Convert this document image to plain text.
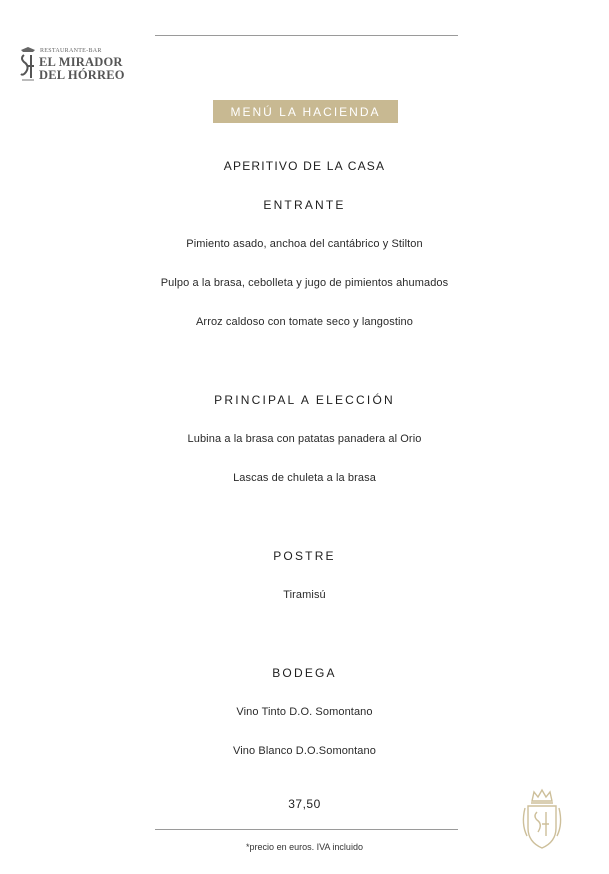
RESTAURANTE-BAR
EL MIRADOR
DEL HÓRREO
MENÚ LA HACIENDA
APERITIVO DE LA CASA
ENTRANTE
Pimiento asado, anchoa del cantábrico y Stilton
Pulpo a la brasa, cebolleta y jugo de pimientos ahumados
Arroz caldoso con tomate seco y langostino
PRINCIPAL A ELECCIÓN
Lubina a la brasa con patatas panadera al Orio
Lascas de chuleta a la brasa
POSTRE
Tiramisú
BODEGA
Vino Tinto D.O. Somontano
Vino Blanco D.O.Somontano
37,50
*precio en euros. IVA incluido
